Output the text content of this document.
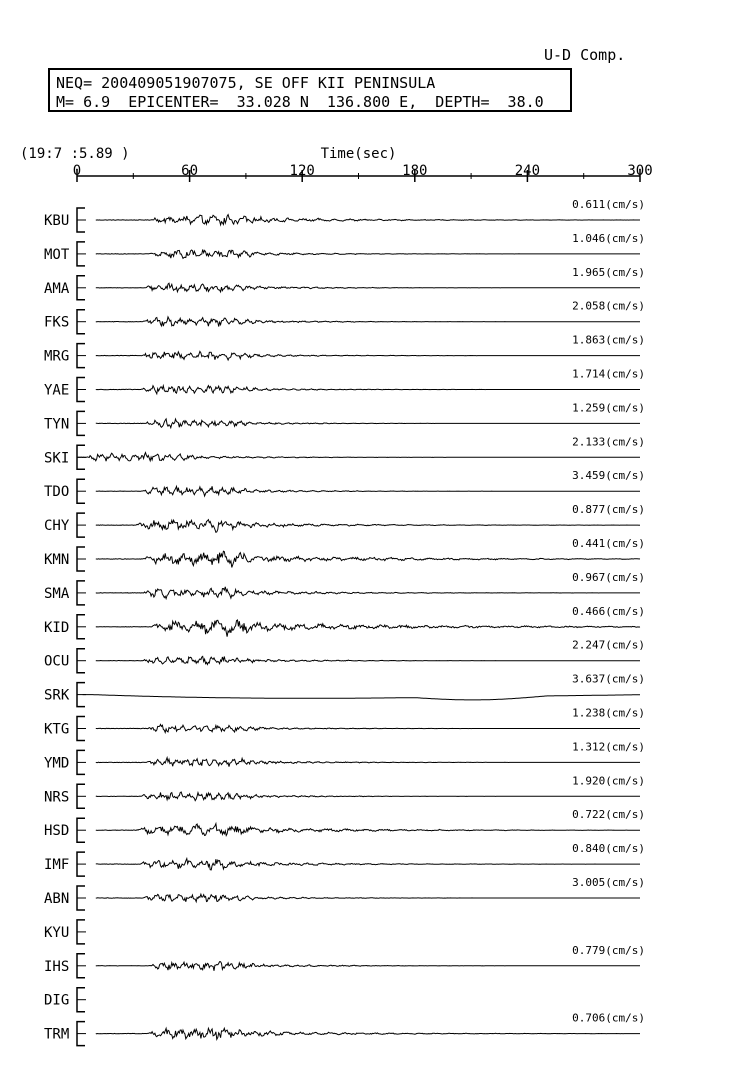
U-D Comp.
NEQ= 200409051907075, SE OFF KII PENINSULA
M= 6.9  EPICENTER=  33.028 N  136.800 E,  DEPTH=  38.0
Time(sec)
(19:7 :5.89 )
0	60	120	180	240	300
KBU
0.611(cm/s)
MOT
1.046(cm/s)
AMA
1.965(cm/s)
FKS
2.058(cm/s)
MRG
1.863(cm/s)
YAE
1.714(cm/s)
TYN
1.259(cm/s)
SKI
2.133(cm/s)
TDO
3.459(cm/s)
CHY
0.877(cm/s)
KMN
0.441(cm/s)
SMA
0.967(cm/s)
KID
0.466(cm/s)
OCU
2.247(cm/s)
SRK
3.637(cm/s)
KTG
1.238(cm/s)
YMD
1.312(cm/s)
NRS
1.920(cm/s)
HSD
0.722(cm/s)
IMF
0.840(cm/s)
ABN
3.005(cm/s)
KYU
IHS
0.779(cm/s)
DIG
TRM
0.706(cm/s)
